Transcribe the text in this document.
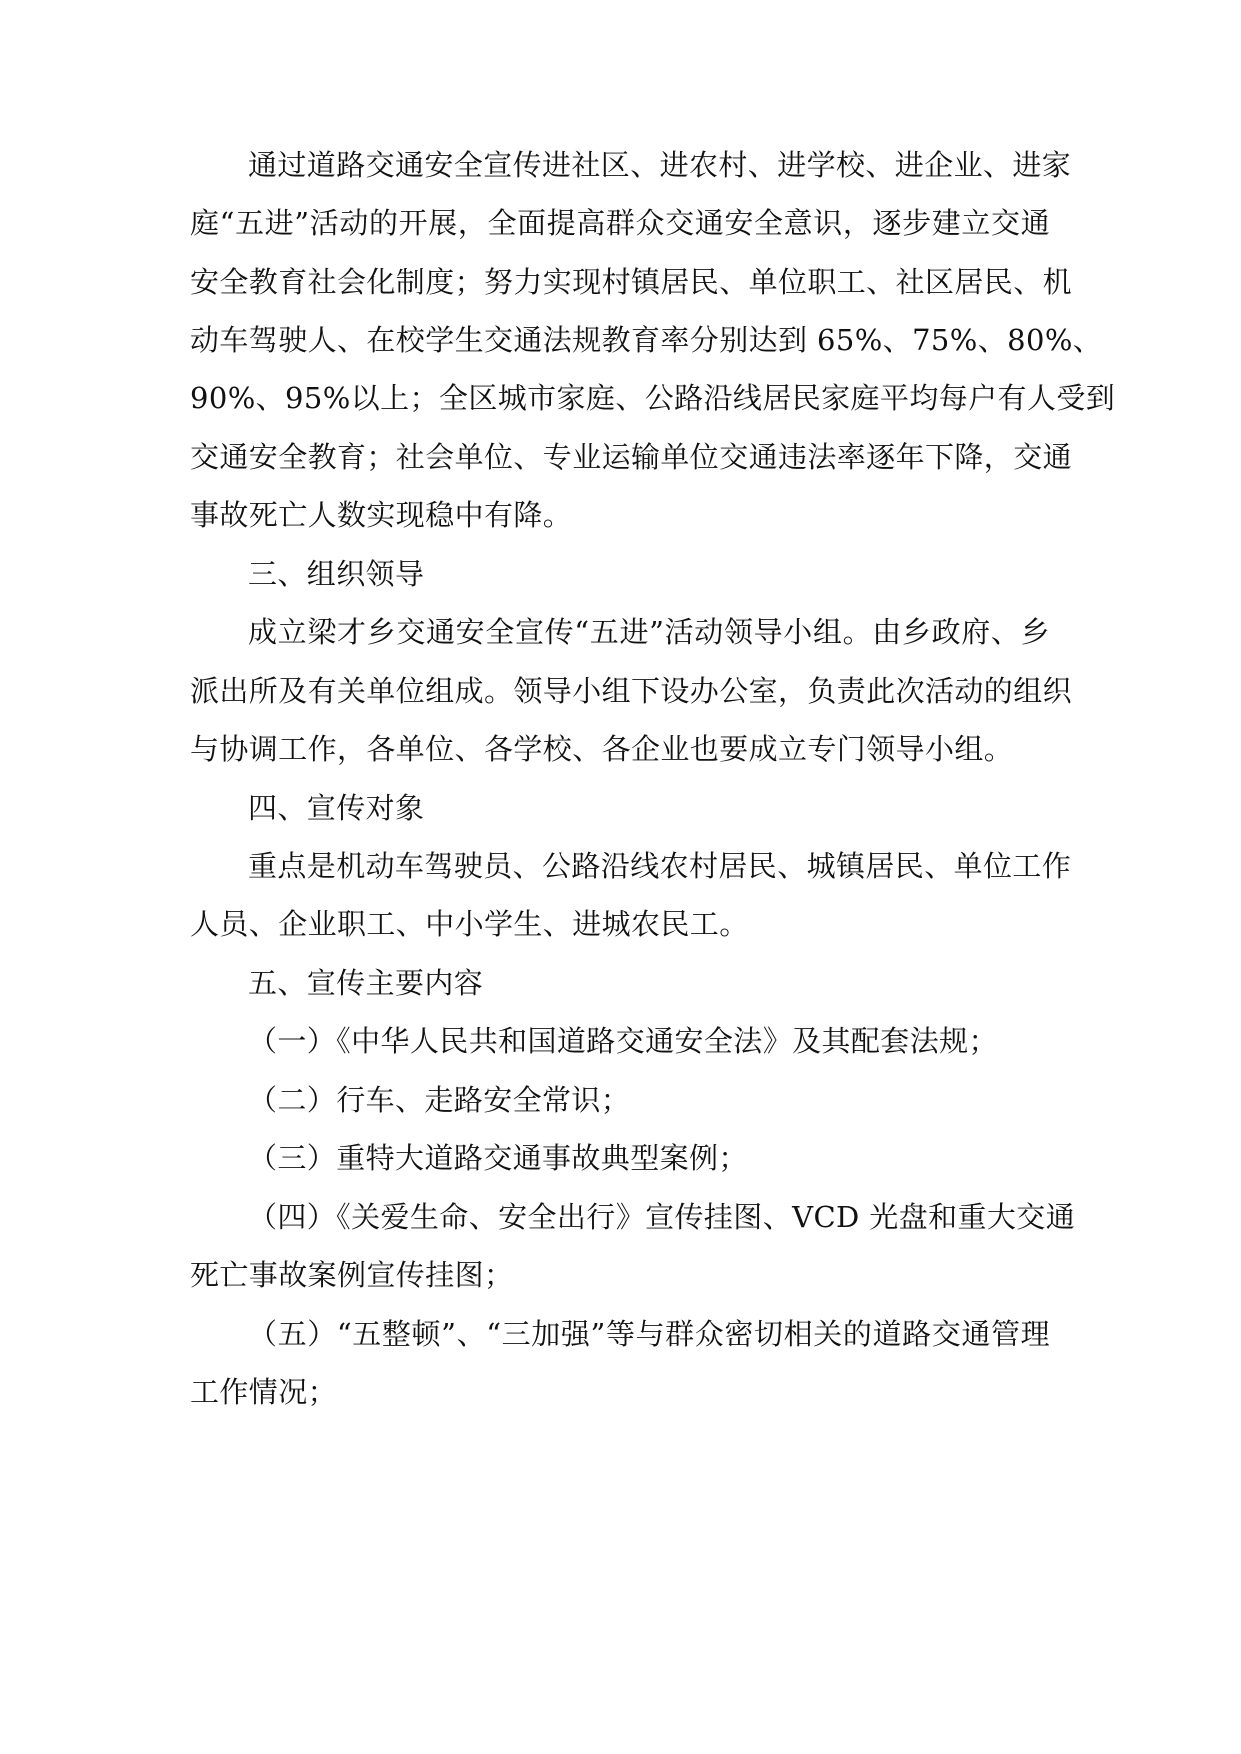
通过道路交通安全宣传进社区、进农村、进学校、进企业、进家
庭“五进”活动的开展，全面提高群众交通安全意识，逐步建立交通
安全教育社会化制度；努力实现村镇居民、单位职工、社区居民、机
动车驾驶人、在校学生交通法规教育率分别达到 65%、75%、80%、
90%、95%以上；全区城市家庭、公路沿线居民家庭平均每户有人受到
交通安全教育；社会单位、专业运输单位交通违法率逐年下降，交通
事故死亡人数实现稳中有降。
三、组织领导
成立梁才乡交通安全宣传“五进”活动领导小组。由乡政府、乡
派出所及有关单位组成。领导小组下设办公室，负责此次活动的组织
与协调工作，各单位、各学校、各企业也要成立专门领导小组。
四、宣传对象
重点是机动车驾驶员、公路沿线农村居民、城镇居民、单位工作
人员、企业职工、中小学生、进城农民工。
五、宣传主要内容
（一）《中华人民共和国道路交通安全法》及其配套法规；
（二）行车、走路安全常识；
（三）重特大道路交通事故典型案例；
（四）《关爱生命、安全出行》宣传挂图、VCD 光盘和重大交通
死亡事故案例宣传挂图；
（五）“五整顿”、“三加强”等与群众密切相关的道路交通管理
工作情况；
